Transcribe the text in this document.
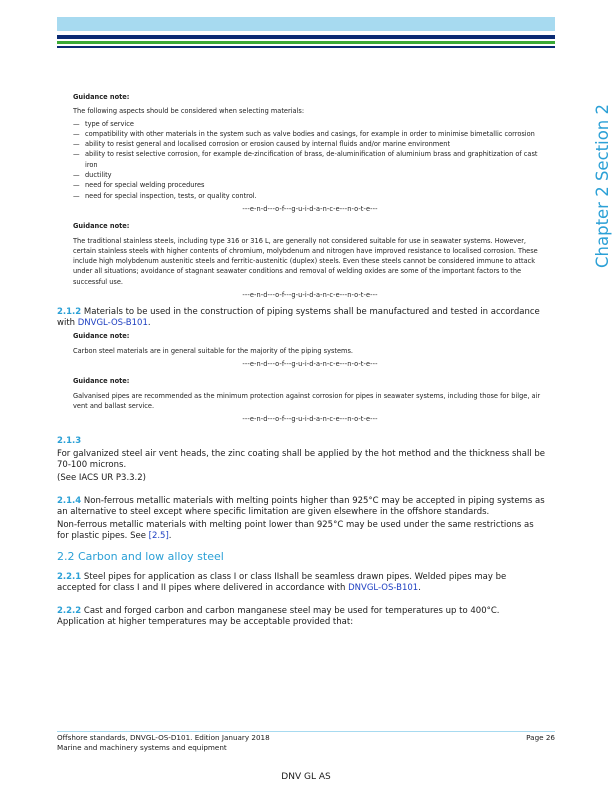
Chapter 2 Section 2
Guidance note:

The following aspects should be considered when selecting materials:

— type of service
— compatibility with other materials in the system such as valve bodies and casings, for example in order to minimise bimetallic corrosion
— ability to resist general and localised corrosion or erosion caused by internal fluids and/or marine environment
— ability to resist selective corrosion, for example de-zincification of brass, de-aluminification of aluminium brass and graphitization of cast iron
— ductility
— need for special welding procedures
— need for special inspection, tests, or quality control.
---e-n-d---o-f---g-u-i-d-a-n-c-e---n-o-t-e---
Guidance note:

The traditional stainless steels, including type 316 or 316 L, are generally not considered suitable for use in seawater systems. However, certain stainless steels with higher contents of chromium, molybdenum and nitrogen have improved resistance to localised corrosion. These include high molybdenum austenitic steels and ferritic-austenitic (duplex) steels. Even these steels cannot be considered immune to attack under all situations; avoidance of stagnant seawater conditions and removal of welding oxides are some of the important factors to the successful use.

---e-n-d---o-f---g-u-i-d-a-n-c-e---n-o-t-e---

2.1.2 Materials to be used in the construction of piping systems shall be manufactured and tested in accordance with DNVGL-OS-B101.

Guidance note:

Carbon steel materials are in general suitable for the majority of the piping systems.

---e-n-d---o-f---g-u-i-d-a-n-c-e---n-o-t-e---
Guidance note:

Galvanised pipes are recommended as the minimum protection against corrosion for pipes in seawater systems, including those for bilge, air vent and ballast service.

---e-n-d---o-f---g-u-i-d-a-n-c-e---n-o-t-e---
2.1.3

For galvanized steel air vent heads, the zinc coating shall be applied by the hot method and the thickness shall be 70-100 microns.

(See IACS UR P3.3.2)

2.1.4 Non-ferrous metallic materials with melting points higher than 925°C may be accepted in piping systems as an alternative to steel except where specific limitation are given elsewhere in the offshore standards.

Non-ferrous metallic materials with melting point lower than 925°C may be used under the same restrictions as for plastic pipes. See [2.5].

2.2 Carbon and low alloy steel

2.2.1 Steel pipes for application as class I or class IIshall be seamless drawn pipes. Welded pipes may be accepted for class I and II pipes where delivered in accordance with DNVGL-OS-B101.

2.2.2 Cast and forged carbon and carbon manganese steel may be used for temperatures up to 400°C. Application at higher temperatures may be acceptable provided that:

Offshore standards, DNVGL-OS-D101. Edition January 2018
Marine and machinery systems and equipment
Page 26
DNV GL AS
